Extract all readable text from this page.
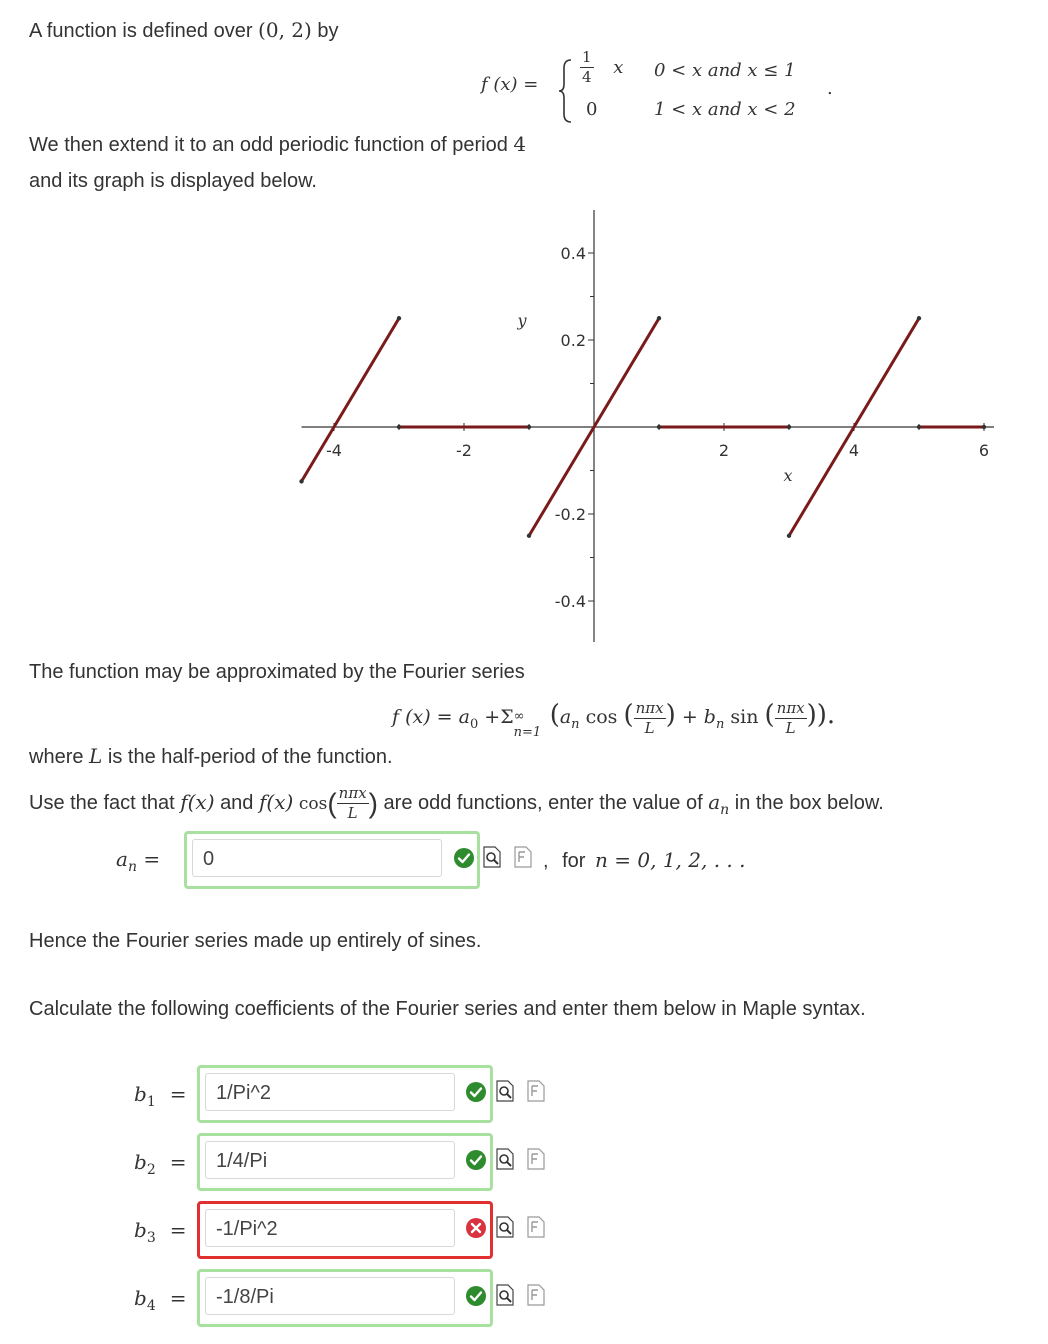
A function is defined over (0, 2) by
f (x) =	$\frac{1}{4}$ x 0 < x and x ≤ 1
0	1 < x and x < 2
.
We then extend it to an odd periodic function of period 4
and its graph is displayed below.
-4	-2	2	4	6
0.4
0.2
-0.2
-0.4
x
y
The function may be approximated by the Fourier series
f $(x) = a_0 +\Sigma$ ∞
n=1
($a_n$ cos ( $\frac{\text{nπx}}{L}$ ) + $b_n$ sin ( $\frac{\text{nπx}}{L}$ )).
where L is the half-period of the function.
Use the fact that f(x) and f(x) $\cos( \frac{\text{nπx}}{L}$ ) are odd functions, enter the value of $a_n$ in the box below.
$a_n$ =	0	, for n = 0, 1, 2, . . .
Hence the Fourier series made up entirely of sines.
Calculate the following coefficients of the Fourier series and enter them below in Maple syntax.
$b_1$ =	1/Pi^2
$b_2$ =	1/4/Pi
$b_3$ =	-1/Pi^2
$b_4$ =	-1/8/Pi
